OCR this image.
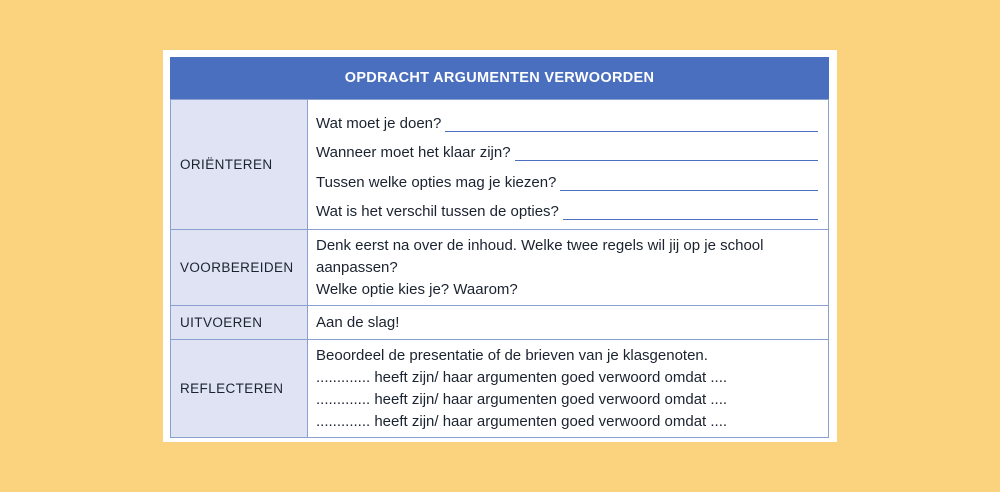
OPDRACHT ARGUMENTEN VERWOORDEN
ORIËNTEREN	Wat moet je doen?
Wanneer moet het klaar zijn?
Tussen welke opties mag je kiezen?
Wat is het verschil tussen de opties?

VOORBEREIDEN	Denk eerst na over de inhoud. Welke twee regels wil jij op je school
aanpassen?
Welke optie kies je? Waarom?

UITVOEREN	Aan de slag!

REFLECTEREN	Beoordeel de presentatie of de brieven van je klasgenoten.
............. heeft zijn/ haar argumenten goed verwoord omdat ....
............. heeft zijn/ haar argumenten goed verwoord omdat ....
............. heeft zijn/ haar argumenten goed verwoord omdat ....
